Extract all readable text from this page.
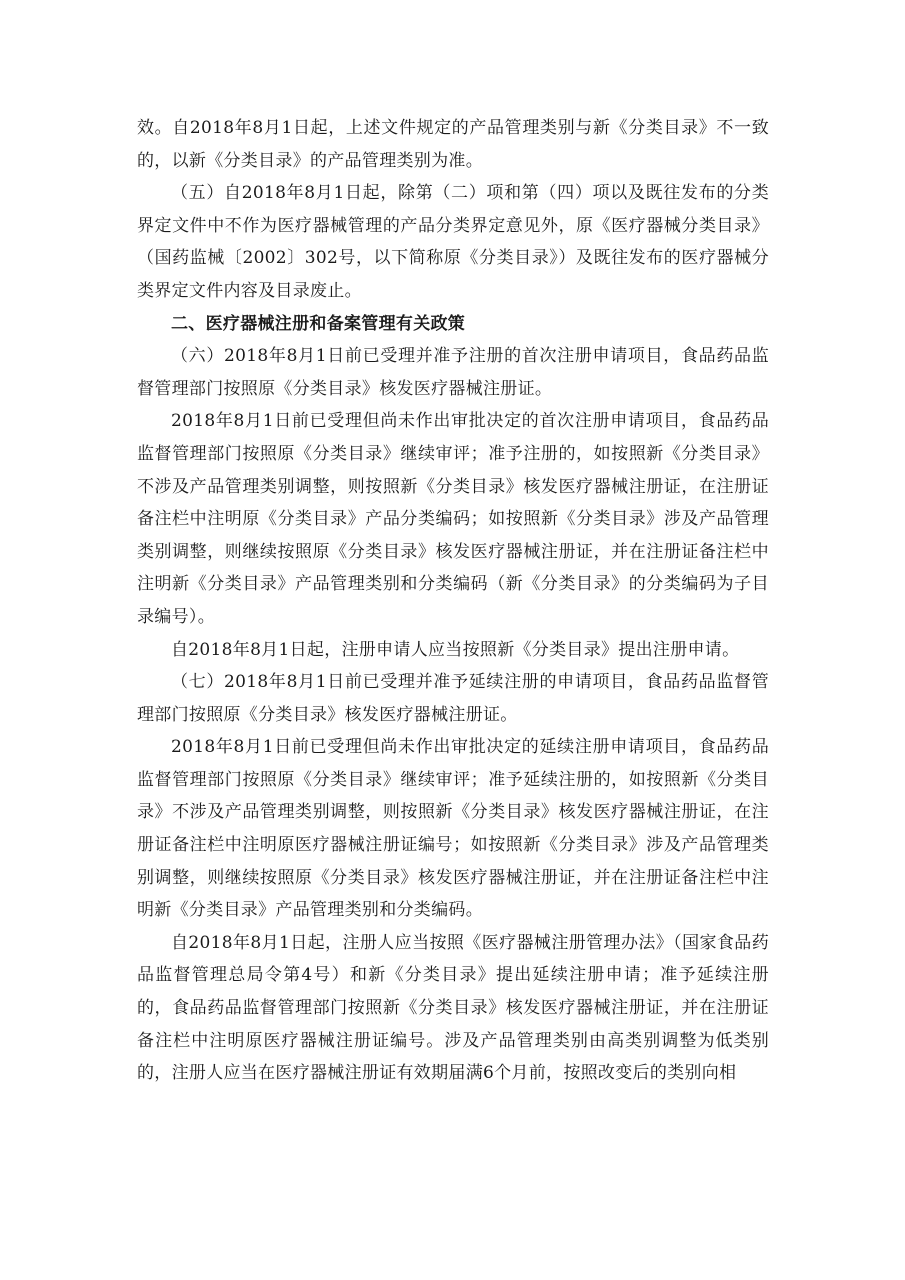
效。自2018年8月1日起，上述文件规定的产品管理类别与新《分类目录》不一致的，以新《分类目录》的产品管理类别为准。

（五）自2018年8月1日起，除第（二）项和第（四）项以及既往发布的分类界定文件中不作为医疗器械管理的产品分类界定意见外，原《医疗器械分类目录》（国药监械〔2002〕302号，以下简称原《分类目录》）及既往发布的医疗器械分类界定文件内容及目录废止。

二、医疗器械注册和备案管理有关政策

（六）2018年8月1日前已受理并准予注册的首次注册申请项目，食品药品监督管理部门按照原《分类目录》核发医疗器械注册证。

2018年8月1日前已受理但尚未作出审批决定的首次注册申请项目，食品药品监督管理部门按照原《分类目录》继续审评；准予注册的，如按照新《分类目录》不涉及产品管理类别调整，则按照新《分类目录》核发医疗器械注册证，在注册证备注栏中注明原《分类目录》产品分类编码；如按照新《分类目录》涉及产品管理类别调整，则继续按照原《分类目录》核发医疗器械注册证，并在注册证备注栏中注明新《分类目录》产品管理类别和分类编码（新《分类目录》的分类编码为子目录编号）。

自2018年8月1日起，注册申请人应当按照新《分类目录》提出注册申请。

（七）2018年8月1日前已受理并准予延续注册的申请项目，食品药品监督管理部门按照原《分类目录》核发医疗器械注册证。

2018年8月1日前已受理但尚未作出审批决定的延续注册申请项目，食品药品监督管理部门按照原《分类目录》继续审评；准予延续注册的，如按照新《分类目录》不涉及产品管理类别调整，则按照新《分类目录》核发医疗器械注册证，在注册证备注栏中注明原医疗器械注册证编号；如按照新《分类目录》涉及产品管理类别调整，则继续按照原《分类目录》核发医疗器械注册证，并在注册证备注栏中注明新《分类目录》产品管理类别和分类编码。

自2018年8月1日起，注册人应当按照《医疗器械注册管理办法》（国家食品药品监督管理总局令第4号）和新《分类目录》提出延续注册申请；准予延续注册的，食品药品监督管理部门按照新《分类目录》核发医疗器械注册证，并在注册证备注栏中注明原医疗器械注册证编号。涉及产品管理类别由高类别调整为低类别的，注册人应当在医疗器械注册证有效期届满6个月前，按照改变后的类别向相
